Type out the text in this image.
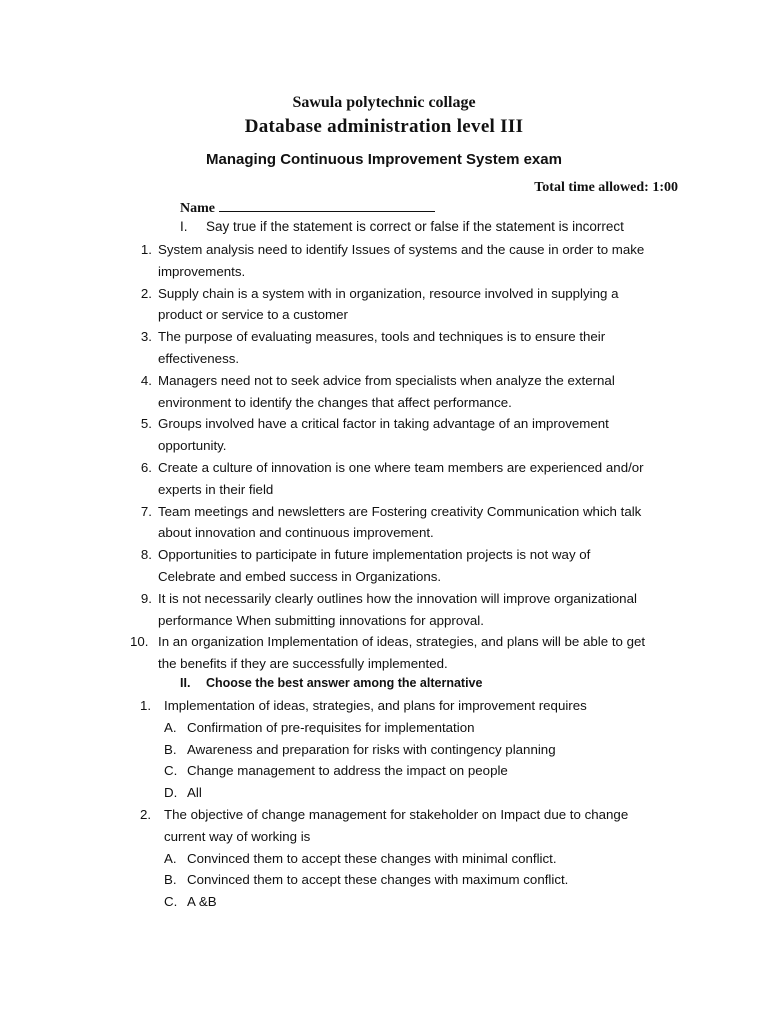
Sawula polytechnic collage
Database administration level III
Managing Continuous Improvement System exam
Total time allowed: 1:00
Name
I. Say true if the statement is correct or false if the statement is incorrect
1. System analysis need to identify Issues of systems and the cause in order to make
improvements.
2. Supply chain is a system with in organization, resource involved in supplying a
product or service to a customer
3. The purpose of evaluating measures, tools and techniques is to ensure their
effectiveness.
4. Managers need not to seek advice from specialists when analyze the external
environment to identify the changes that affect performance.
5. Groups involved have a critical factor in taking advantage of an improvement
opportunity.
6. Create a culture of innovation is one where team members are experienced and/or
experts in their field
7. Team meetings and newsletters are Fostering creativity Communication which talk
about innovation and continuous improvement.
8. Opportunities to participate in future implementation projects is not way of
Celebrate and embed success in Organizations.
9. It is not necessarily clearly outlines how the innovation will improve organizational
performance When submitting innovations for approval.
10. In an organization Implementation of ideas, strategies, and plans will be able to get
the benefits if they are successfully implemented.
II. Choose the best answer among the alternative
1. Implementation of ideas, strategies, and plans for improvement requires
A. Confirmation of pre-requisites for implementation
B. Awareness and preparation for risks with contingency planning
C. Change management to address the impact on people
D. All
2. The objective of change management for stakeholder on Impact due to change
current way of working is
A. Convinced them to accept these changes with minimal conflict.
B. Convinced them to accept these changes with maximum conflict.
C. A &B
